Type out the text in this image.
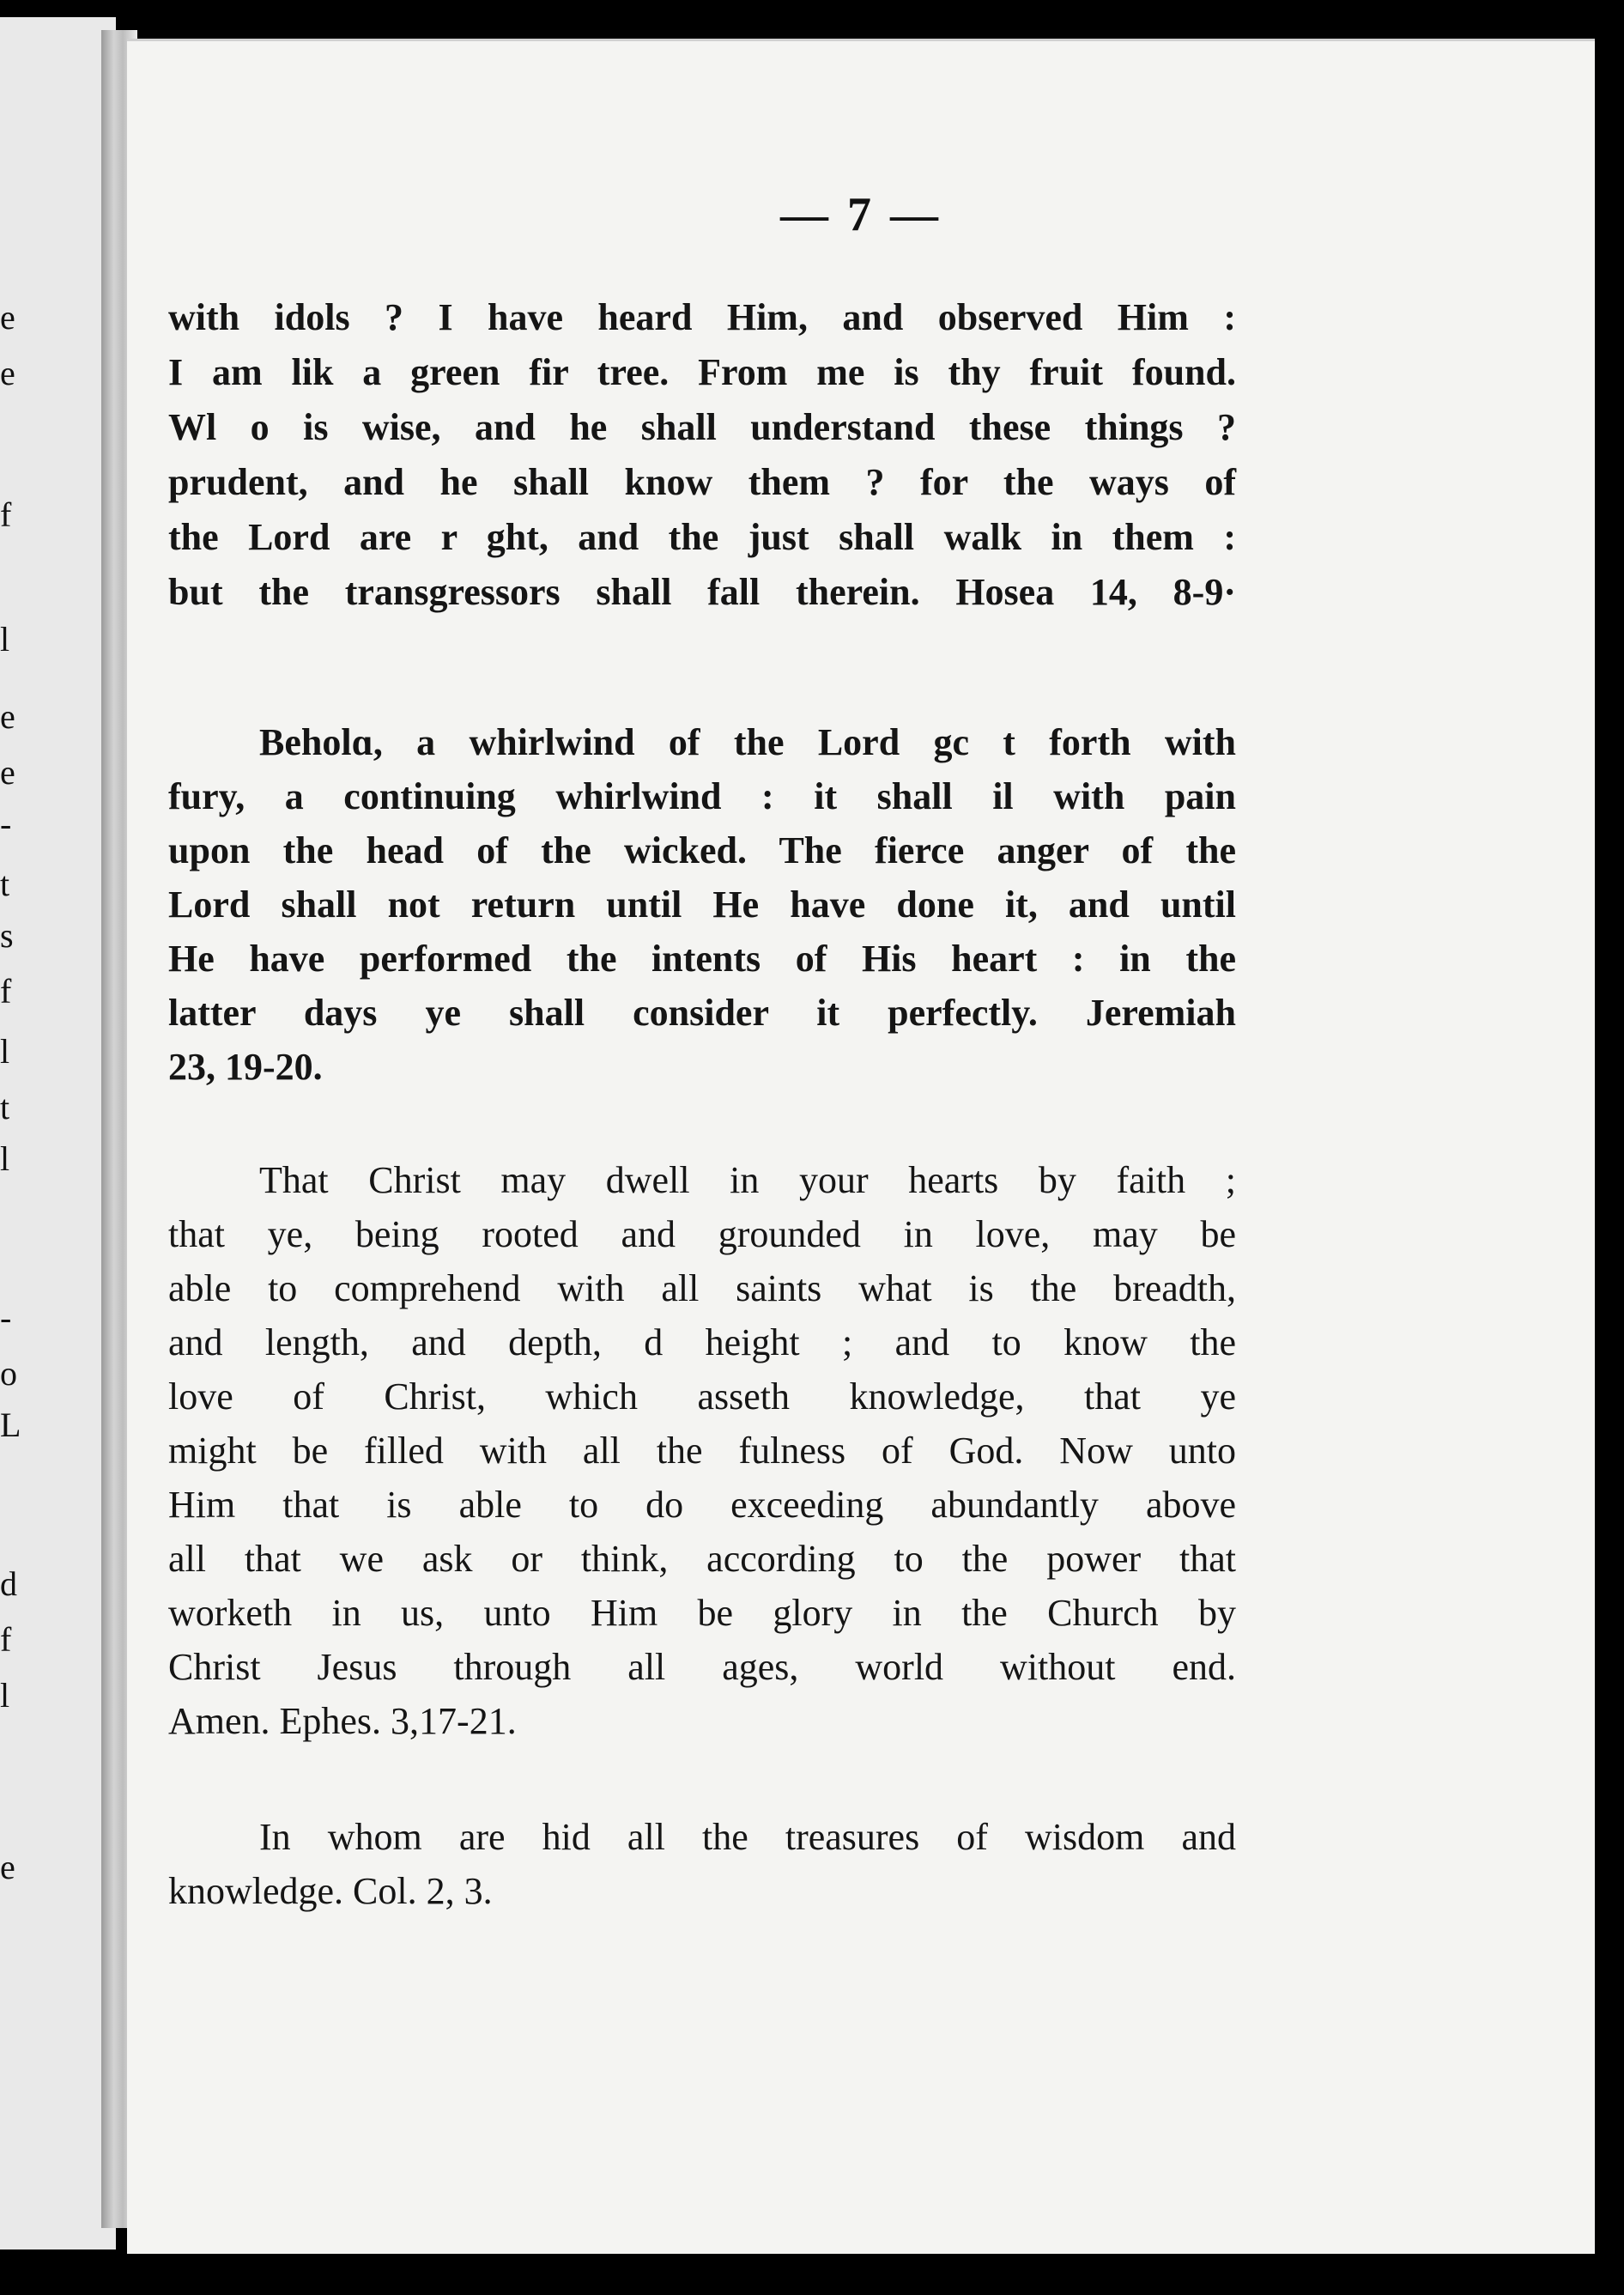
e
e
f
l
e
e
-
t
s
f
l
t
l
-
o
L
d
f
l
e

— 7 —

with idols ? I have heard Him, and observed Him :
I am lik a green fir tree. From me is thy fruit found.
Wl o is wise, and he shall understand these things ?
prudent, and he shall know them ? for the ways of
the Lord are r ght, and the just shall walk in them :
but the transgressors shall fall therein. Hosea 14, 8-9·

Beholɑ, a whirlwind of the Lord gc t forth with
fury, a continuing whirlwind : it shall il with pain
upon the head of the wicked. The fierce anger of the
Lord shall not return until He have done it, and until
He have performed the intents of His heart : in the
latter days ye shall consider it perfectly. Jeremiah
23, 19-20.

That Christ may dwell in your hearts by faith ;
that ye, being rooted and grounded in love, may be
able to comprehend with all saints what is the breadth,
and length, and depth, d height ; and to know the
love of Christ, which asseth knowledge, that ye
might be filled with all the fulness of God. Now unto
Him that is able to do exceeding abundantly above
all that we ask or think, according to the power that
worketh in us, unto Him be glory in the Church by
Christ Jesus through all ages, world without end.
Amen. Ephes. 3,17-21.

In whom are hid all the treasures of wisdom and
knowledge. Col. 2, 3.
